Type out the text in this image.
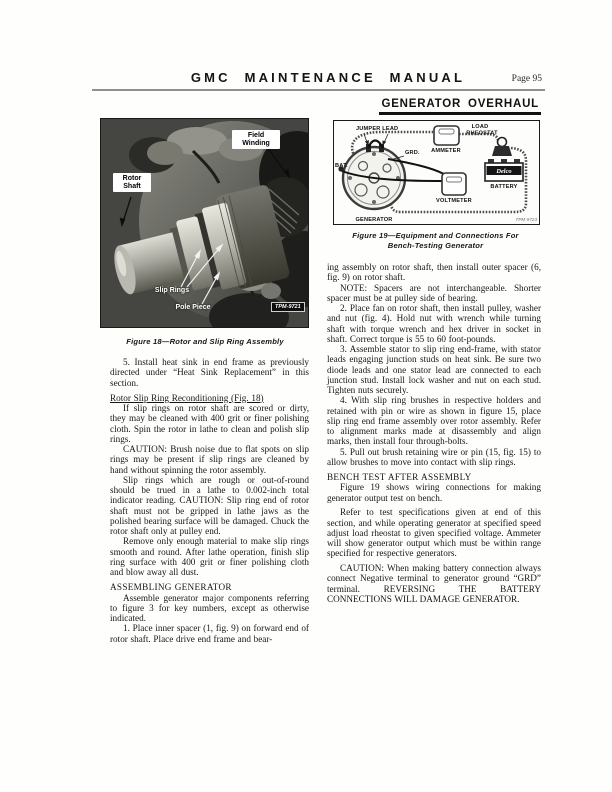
GMC MAINTENANCE MANUAL	Page 95
GENERATOR OVERHAUL
Field Winding
Rotor Shaft
Slip Rings
Pole Piece	TPM-9721
Figure 18—Rotor and Slip Ring Assembly
JUMPER LEAD
BAT.
GRD. AMMETER
LOAD
RHEOSTAT
Delco
BATTERY
VOLTMETER
GENERATOR	TPM-9723
Figure 19—Equipment and Connections For
Bench-Testing Generator

5. Install heat sink in end frame as previously directed under “Heat Sink Replacement” in this section.

Rotor Slip Ring Reconditioning (Fig. 18)

If slip rings on rotor shaft are scored or dirty, they may be cleaned with 400 grit or finer polishing cloth. Spin the rotor in lathe to clean and polish slip rings.

CAUTION: Brush noise due to flat spots on slip rings may be present if slip rings are cleaned by hand without spinning the rotor assembly.

Slip rings which are rough or out-of-round should be trued in a lathe to 0.002-inch total indicator reading. CAUTION: Slip ring end of rotor shaft must not be gripped in lathe jaws as the polished bearing surface will be damaged. Chuck the rotor shaft only at pulley end.

Remove only enough material to make slip rings smooth and round. After lathe operation, finish slip ring surface with 400 grit or finer polishing cloth and blow away all dust.

ASSEMBLING GENERATOR

Assemble generator major components referring to figure 3 for key numbers, except as otherwise indicated.

1. Place inner spacer (1, fig. 9) on forward end of rotor shaft. Place drive end frame and bear-

ing assembly on rotor shaft, then install outer spacer (6, fig. 9) on rotor shaft.

NOTE: Spacers are not interchangeable. Shorter spacer must be at pulley side of bearing.

2. Place fan on rotor shaft, then install pulley, washer and nut (fig. 4). Hold nut with wrench while turning shaft with torque wrench and hex driver in socket in shaft. Correct torque is 55 to 60 foot-pounds.

3. Assemble stator to slip ring end-frame, with stator leads engaging junction studs on heat sink. Be sure two diode leads and one stator lead are connected to each junction stud. Install lock washer and nut on each stud. Tighten nuts securely.

4. With slip ring brushes in respective holders and retained with pin or wire as shown in figure 15, place slip ring end frame assembly over rotor assembly. Refer to alignment marks made at disassembly and align marks, then install four through-bolts.

5. Pull out brush retaining wire or pin (15, fig. 15) to allow brushes to move into contact with slip rings.

BENCH TEST AFTER ASSEMBLY

Figure 19 shows wiring connections for making generator output test on bench.

Refer to test specifications given at end of this section, and while operating generator at specified speed adjust load rheostat to given specified voltage. Ammeter will show generator output which must be within range specified for respective generators.

CAUTION: When making battery connection always connect Negative terminal to generator ground “GRD” terminal. REVERSING THE BATTERY CONNECTIONS WILL DAMAGE GENERATOR.
